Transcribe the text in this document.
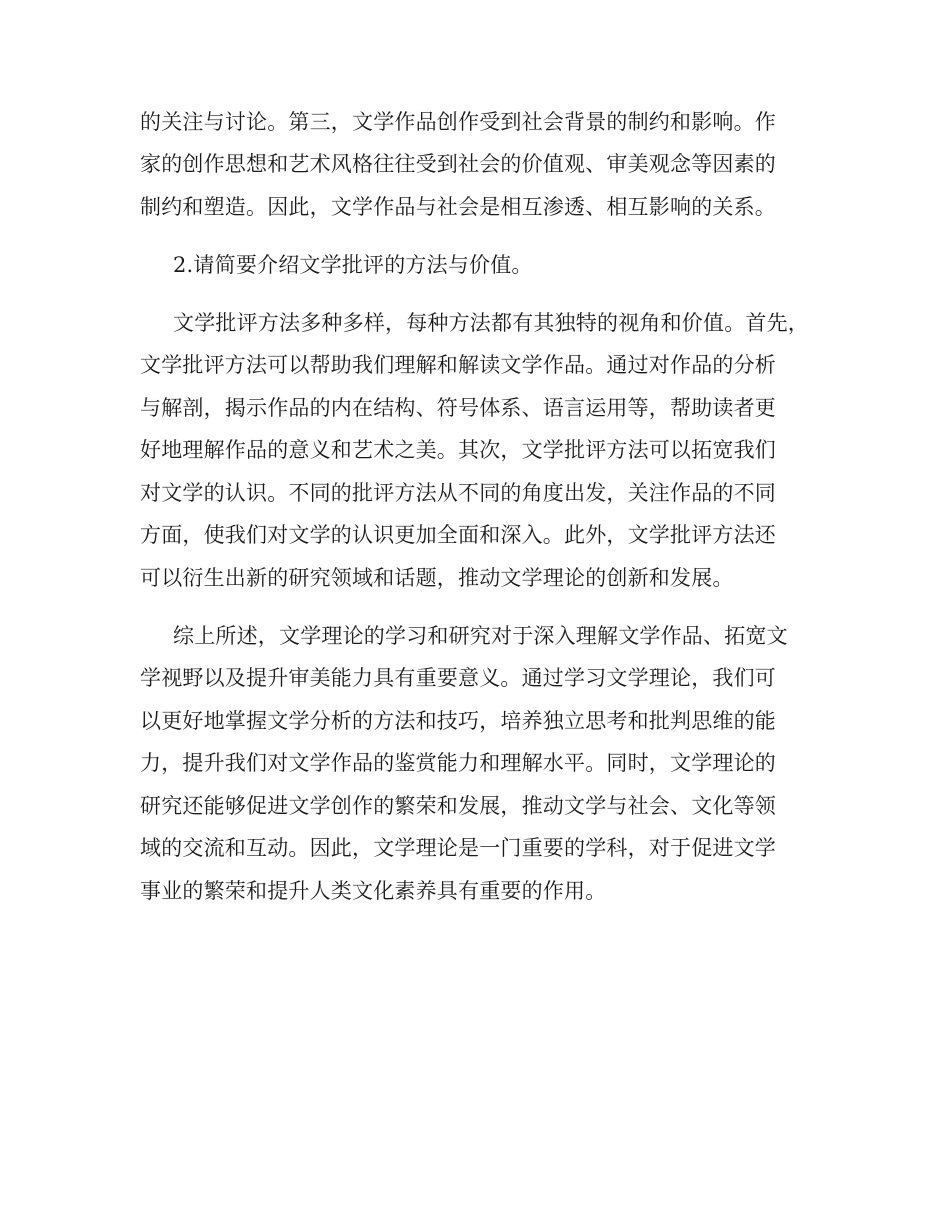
的关注与讨论。第三，文学作品创作受到社会背景的制约和影响。作
家的创作思想和艺术风格往往受到社会的价值观、审美观念等因素的
制约和塑造。因此，文学作品与社会是相互渗透、相互影响的关系。
2.请简要介绍文学批评的方法与价值。
文学批评方法多种多样，每种方法都有其独特的视角和价值。首先，
文学批评方法可以帮助我们理解和解读文学作品。通过对作品的分析
与解剖，揭示作品的内在结构、符号体系、语言运用等，帮助读者更
好地理解作品的意义和艺术之美。其次，文学批评方法可以拓宽我们
对文学的认识。不同的批评方法从不同的角度出发，关注作品的不同
方面，使我们对文学的认识更加全面和深入。此外，文学批评方法还
可以衍生出新的研究领域和话题，推动文学理论的创新和发展。
综上所述，文学理论的学习和研究对于深入理解文学作品、拓宽文
学视野以及提升审美能力具有重要意义。通过学习文学理论，我们可
以更好地掌握文学分析的方法和技巧，培养独立思考和批判思维的能
力，提升我们对文学作品的鉴赏能力和理解水平。同时，文学理论的
研究还能够促进文学创作的繁荣和发展，推动文学与社会、文化等领
域的交流和互动。因此，文学理论是一门重要的学科，对于促进文学
事业的繁荣和提升人类文化素养具有重要的作用。
